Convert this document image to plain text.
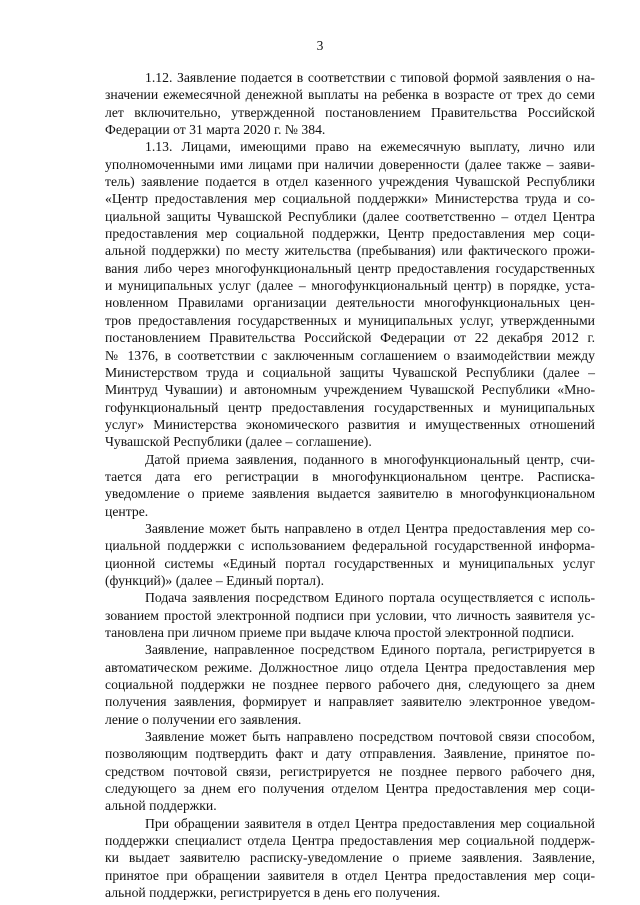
3
1.12. Заявление подается в соответствии с типовой формой заявления о на-
значении ежемесячной денежной выплаты на ребенка в возрасте от трех до семи
лет включительно, утвержденной постановлением Правительства Российской
Федерации от 31 марта 2020 г. № 384.
1.13. Лицами, имеющими право на ежемесячную выплату, лично или
уполномоченными ими лицами при наличии доверенности (далее также – заяви-
тель) заявление подается в отдел казенного учреждения Чувашской Республики
«Центр предоставления мер социальной поддержки» Министерства труда и со-
циальной защиты Чувашской Республики (далее соответственно – отдел Центра
предоставления мер социальной поддержки, Центр предоставления мер соци-
альной поддержки) по месту жительства (пребывания) или фактического прожи-
вания либо через многофункциональный центр предоставления государственных
и муниципальных услуг (далее – многофункциональный центр) в порядке, уста-
новленном Правилами организации деятельности многофункциональных цен-
тров предоставления государственных и муниципальных услуг, утвержденными
постановлением Правительства Российской Федерации от 22 декабря 2012 г.
№ 1376, в соответствии с заключенным соглашением о взаимодействии между
Министерством труда и социальной защиты Чувашской Республики (далее –
Минтруд Чувашии) и автономным учреждением Чувашской Республики «Мно-
гофункциональный центр предоставления государственных и муниципальных
услуг» Министерства экономического развития и имущественных отношений
Чувашской Республики (далее – соглашение).
Датой приема заявления, поданного в многофункциональный центр, счи-
тается дата его регистрации в многофункциональном центре. Расписка-
уведомление о приеме заявления выдается заявителю в многофункциональном
центре.
Заявление может быть направлено в отдел Центра предоставления мер со-
циальной поддержки с использованием федеральной государственной информа-
ционной системы «Единый портал государственных и муниципальных услуг
(функций)» (далее – Единый портал).
Подача заявления посредством Единого портала осуществляется с исполь-
зованием простой электронной подписи при условии, что личность заявителя ус-
тановлена при личном приеме при выдаче ключа простой электронной подписи.
Заявление, направленное посредством Единого портала, регистрируется в
автоматическом режиме. Должностное лицо отдела Центра предоставления мер
социальной поддержки не позднее первого рабочего дня, следующего за днем
получения заявления, формирует и направляет заявителю электронное уведом-
ление о получении его заявления.
Заявление может быть направлено посредством почтовой связи способом,
позволяющим подтвердить факт и дату отправления. Заявление, принятое по-
средством почтовой связи, регистрируется не позднее первого рабочего дня,
следующего за днем его получения отделом Центра предоставления мер соци-
альной поддержки.
При обращении заявителя в отдел Центра предоставления мер социальной
поддержки специалист отдела Центра предоставления мер социальной поддерж-
ки выдает заявителю расписку-уведомление о приеме заявления. Заявление,
принятое при обращении заявителя в отдел Центра предоставления мер соци-
альной поддержки, регистрируется в день его получения.
